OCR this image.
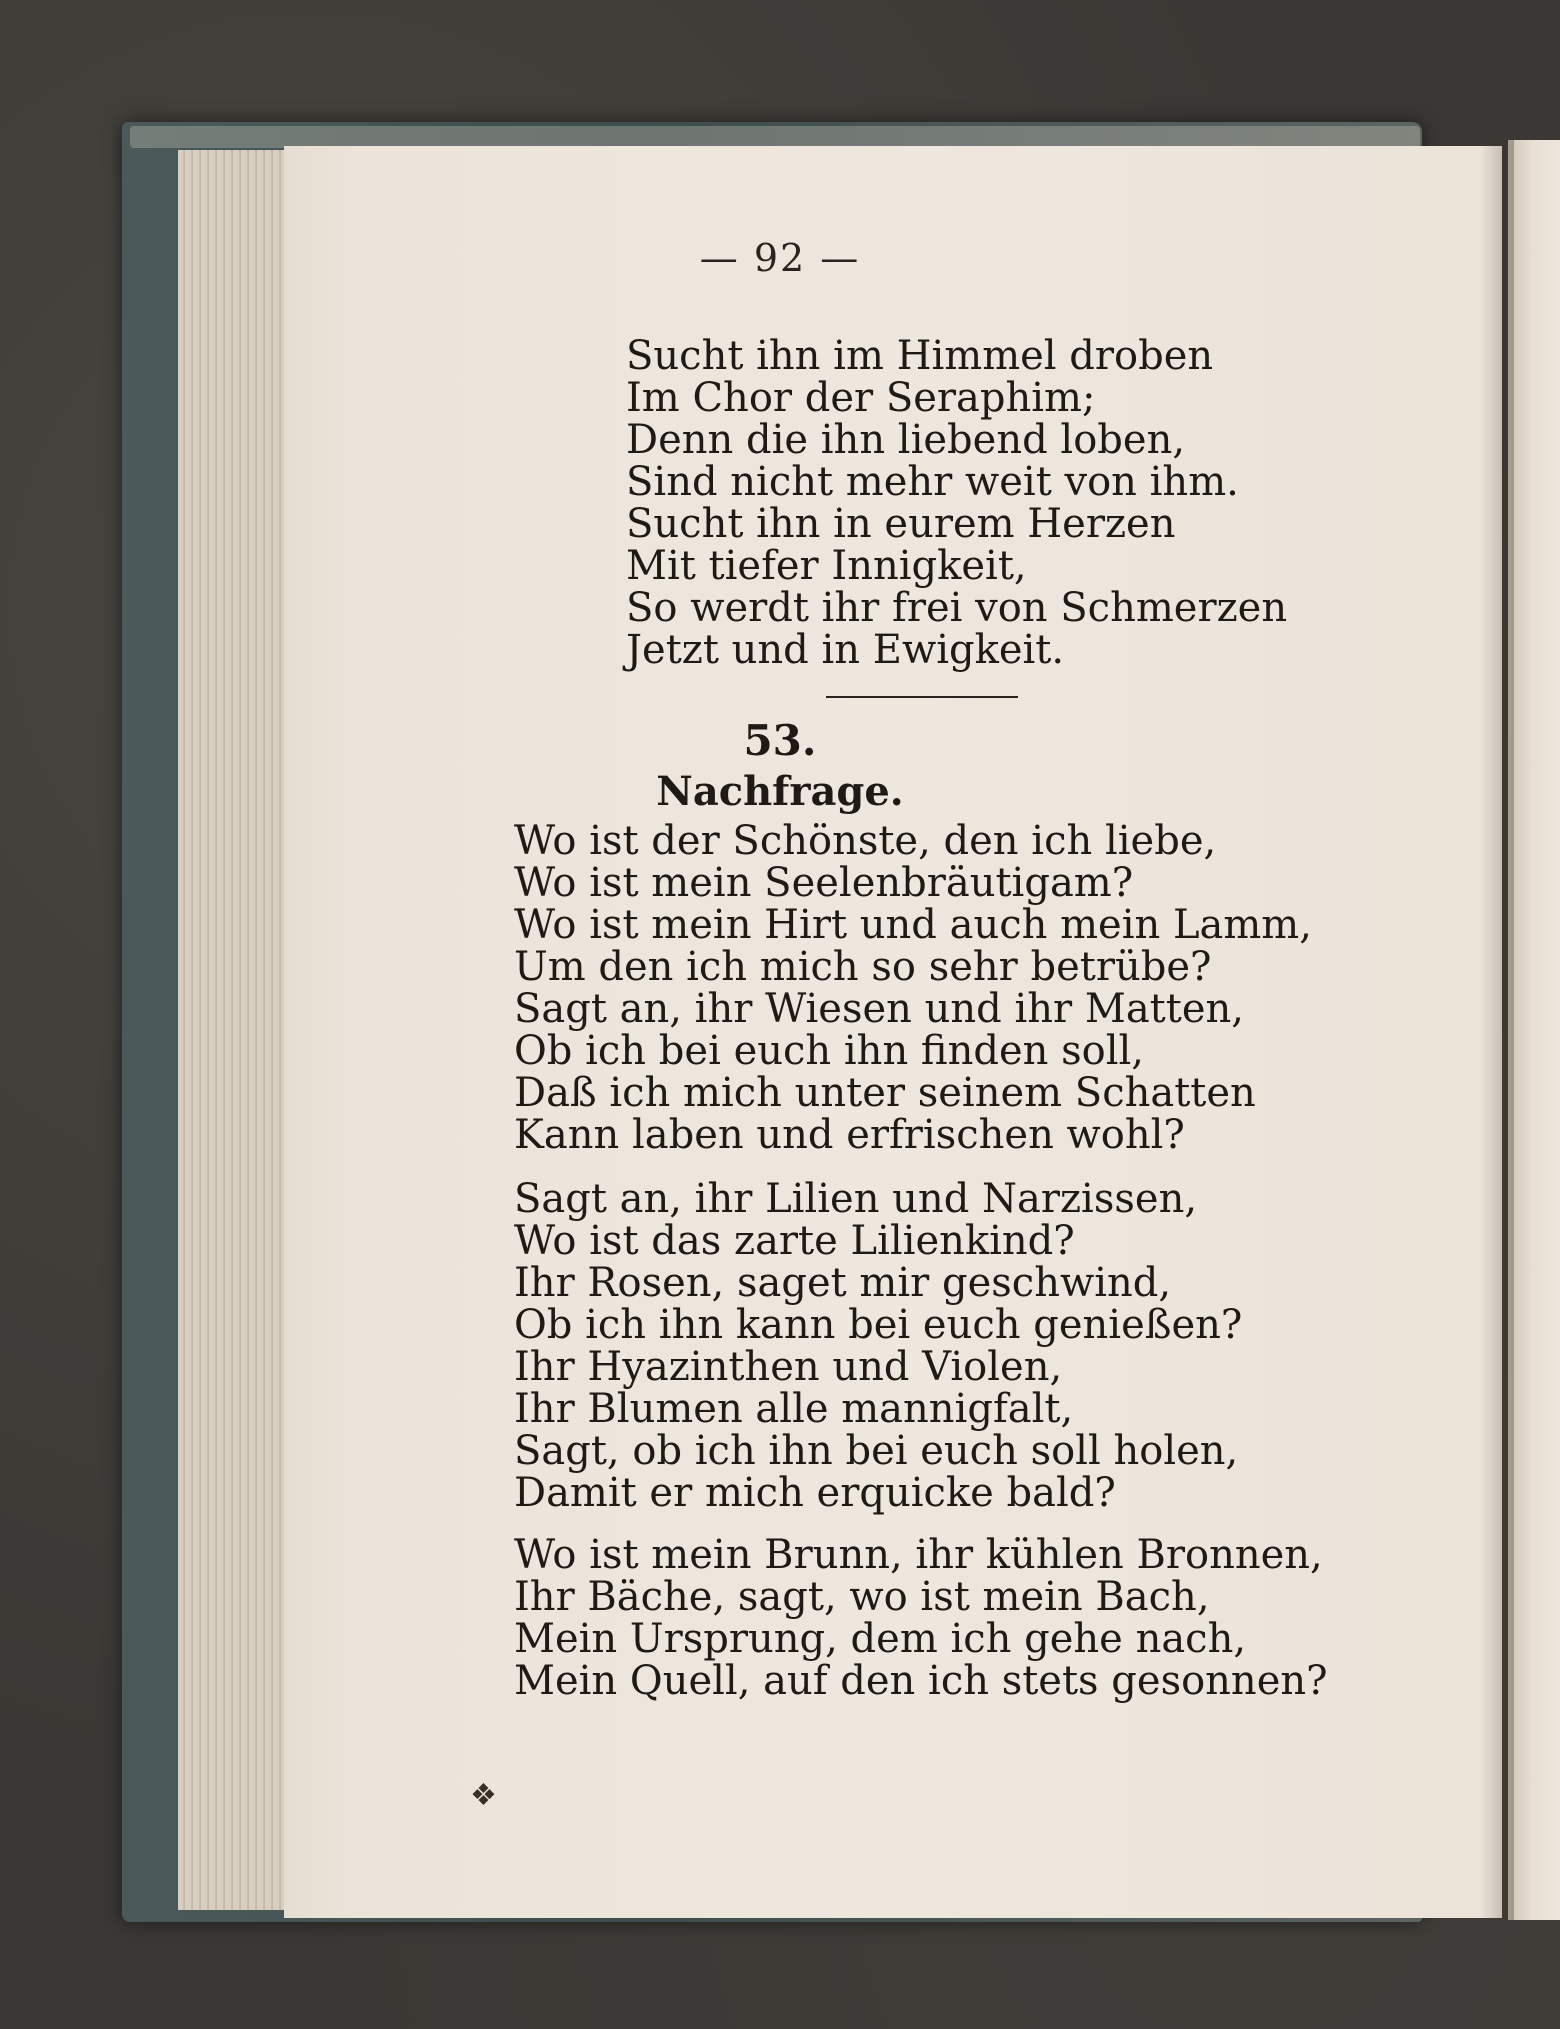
— 92 —
Sucht ihn im Himmel droben
Im Chor der Seraphim;
Denn die ihn liebend loben,
Sind nicht mehr weit von ihm.
Sucht ihn in eurem Herzen
Mit tiefer Innigkeit,
So werdt ihr frei von Schmerzen
Jetzt und in Ewigkeit.
53.
Nachfrage.
Wo ist der Schönste, den ich liebe,
Wo ist mein Seelenbräutigam?
Wo ist mein Hirt und auch mein Lamm,
Um den ich mich so sehr betrübe?
Sagt an, ihr Wiesen und ihr Matten,
Ob ich bei euch ihn finden soll,
Daß ich mich unter seinem Schatten
Kann laben und erfrischen wohl?
Sagt an, ihr Lilien und Narzissen,
Wo ist das zarte Lilienkind?
Ihr Rosen, saget mir geschwind,
Ob ich ihn kann bei euch genießen?
Ihr Hyazinthen und Violen,
Ihr Blumen alle mannigfalt,
Sagt, ob ich ihn bei euch soll holen,
Damit er mich erquicke bald?
Wo ist mein Brunn, ihr kühlen Bronnen,
Ihr Bäche, sagt, wo ist mein Bach,
Mein Ursprung, dem ich gehe nach,
Mein Quell, auf den ich stets gesonnen?
❖
